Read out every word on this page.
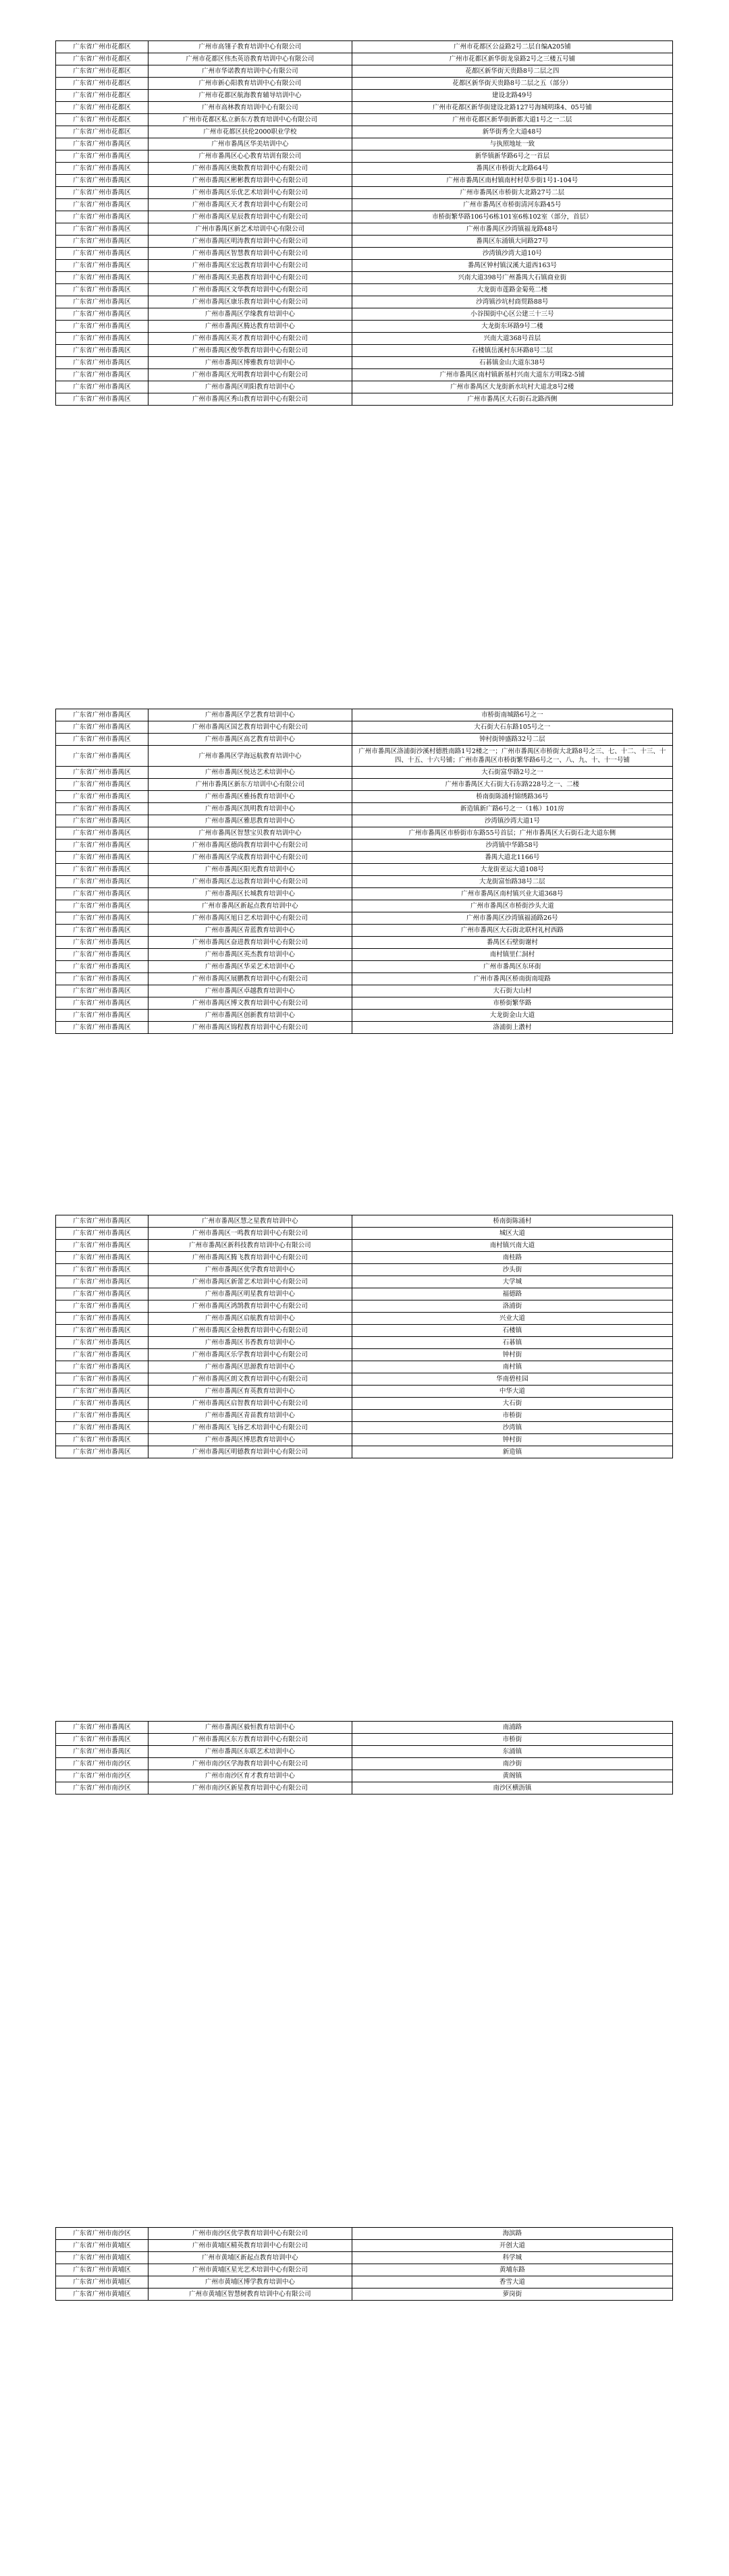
广东省广州市花都区	广州市高翎子教育培训中心有限公司	广州市花都区公益路2号二层自编A205铺
广东省广州市花都区	广州市花都区伟杰英语教育培训中心有限公司	广州市花都区新华街龙泉路2号之三楼五号铺
广东省广州市花都区	广州市华诺教育培训中心有限公司	花都区新华街天贵路8号二层之四
广东省广州市花都区	广州市新心阳教育培训中心有限公司	花都区新华街天贵路8号二层之五（部分）
广东省广州市花都区	广州市花都区航海教育辅导培训中心	建设北路49号
广东省广州市花都区	广州市高林教育培训中心有限公司	广州市花都区新华街建设北路127号海城明珠4、05号铺
广东省广州市花都区	广州市花都区私立新东方教育培训中心有限公司	广州市花都区新华街新都大道1号之一二层
广东省广州市花都区	广州市花都区扶伦2000职业学校	新华街秀全大道48号
广东省广州市番禺区	广州市番禺区华美培训中心	与执照地址一致
广东省广州市番禺区	广州市番禺区心心教育培训有限公司	新华镇新华路6号之一首层
广东省广州市番禺区	广州市番禺区奥数教育培训中心有限公司	番禺区市桥街大北路64号
广东省广州市番禺区	广州市番禺区彬彬教育培训中心有限公司	广州市番禺区南村镇南村村草步街1号1-104号
广东省广州市番禺区	广州市番禺区乐优艺术培训中心有限公司	广州市番禺区市桥街大北路27号二层
广东省广州市番禺区	广州市番禺区天才教育培训中心有限公司	广州市番禺区市桥街清河东路45号
广东省广州市番禺区	广州市番禺区星辰教育培训中心有限公司	市桥街繁华路106号6栋101室6栋102室（部分，首层）
广东省广州市番禺区	广州市番禺区新艺术培训中心有限公司	广州市番禺区沙湾镇福龙路48号
广东省广州市番禺区	广州市番禺区明涛教育培训中心有限公司	番禺区东涌镇大同路27号
广东省广州市番禺区	广州市番禺区智慧教育培训中心有限公司	沙湾镇沙湾大道10号
广东省广州市番禺区	广州市番禺区宏远教育培训中心有限公司	番禺区钟村镇汉溪大道西163号
广东省广州市番禺区	广州市番禺区美惠教育培训中心有限公司	兴南大道398号广州番禺大石镇商业街
广东省广州市番禺区	广州市番禺区文华教育培训中心有限公司	大龙街市莲路金菊苑二楼
广东省广州市番禺区	广州市番禺区康乐教育培训中心有限公司	沙湾镇沙坑村商贸路88号
广东省广州市番禺区	广州市番禺区学缘教育培训中心	小谷围街中心区公建三十三号
广东省广州市番禺区	广州市番禺区腾达教育培训中心	大龙街东环路9号二楼
广东省广州市番禺区	广州市番禺区英才教育培训中心有限公司	兴南大道368号首层
广东省广州市番禺区	广州市番禺区俊华教育培训中心有限公司	石楼镇岳溪村东环路8号二层
广东省广州市番禺区	广州市番禺区博雅教育培训中心	石碁镇金山大道东38号
广东省广州市番禺区	广州市番禺区光明教育培训中心有限公司	广州市番禺区南村镇新基村兴南大道东方明珠2-5铺
广东省广州市番禺区	广州市番禺区明阳教育培训中心	广州市番禺区大龙街新水坑村大道北8号2楼
广东省广州市番禺区	广州市番禺区秀山教育培训中心有限公司	广州市番禺区大石街石北路西侧
广东省广州市番禺区	广州市番禺区学艺教育培训中心	市桥街南城路6号之一
广东省广州市番禺区	广州市番禺区国艺教育培训中心有限公司	大石街大石东路105号之一
广东省广州市番禺区	广州市番禺区高艺教育培训中心	钟村街钟盛路32号二层
广东省广州市番禺区	广州市番禺区学海远航教育培训中心	广州市番禺区洛浦街沙溪村德胜南路1号2楼之一；广州市番禺区市桥街大北路8号之三、七、十二、十三、十四、十五、十六号铺；广州市番禺区市桥街繁华路6号之一、八、九、十、十一号铺
广东省广州市番禺区	广州市番禺区悦达艺术培训中心	大石街富华路2号之一
广东省广州市番禺区	广州市番禺区新东方培训中心有限公司	广州市番禺区大石街大石东路228号之一、二楼
广东省广州市番禺区	广州市番禺区雅扬教育培训中心	桥南街陈涌村锦绣路36号
广东省广州市番禺区	广州市番禺区凯明教育培训中心	新造镇新广路6号之一（1栋）101房
广东省广州市番禺区	广州市番禺区雅思教育培训中心	沙湾镇沙湾大道1号
广东省广州市番禺区	广州市番禺区智慧宝贝教育培训中心	广州市番禺区市桥街市东路55号首层；广州市番禺区大石街石北大道东侧
广东省广州市番禺区	广州市番禺区德尚教育培训中心有限公司	沙湾镇中华路58号
广东省广州市番禺区	广州市番禺区学成教育培训中心有限公司	番禺大道北1166号
广东省广州市番禺区	广州市番禺区阳光教育培训中心	大龙街亚运大道108号
广东省广州市番禺区	广州市番禺区志远教育培训中心有限公司	大龙街富怡路38号二层
广东省广州市番禺区	广州市番禺区长城教育培训中心	广州市番禺区南村镇兴业大道368号
广东省广州市番禺区	广州市番禺区新起点教育培训中心	广州市番禺区市桥街沙头大道
广东省广州市番禺区	广州市番禺区旭日艺术培训中心有限公司	广州市番禺区沙湾镇福涌路26号
广东省广州市番禺区	广州市番禺区青蓝教育培训中心	广州市番禺区大石街北联村礼村西路
广东省广州市番禺区	广州市番禺区奋进教育培训中心有限公司	番禺区石壁街谢村
广东省广州市番禺区	广州市番禺区英杰教育培训中心	南村镇里仁洞村
广东省广州市番禺区	广州市番禺区华采艺术培训中心	广州市番禺区东环街
广东省广州市番禺区	广州市番禺区展鹏教育培训中心有限公司	广州市番禺区桥南街南堤路
广东省广州市番禺区	广州市番禺区卓越教育培训中心	大石街大山村
广东省广州市番禺区	广州市番禺区博文教育培训中心有限公司	市桥街繁华路
广东省广州市番禺区	广州市番禺区创新教育培训中心	大龙街金山大道
广东省广州市番禺区	广州市番禺区锦程教育培训中心有限公司	洛浦街上漖村
广东省广州市番禺区	广州市番禺区慧之星教育培训中心	桥南街陈涌村
广东省广州市番禺区	广州市番禺区一鸣教育培训中心有限公司	城区大道
广东省广州市番禺区	广州市番禺区新科技教育培训中心有限公司	南村镇兴南大道
广东省广州市番禺区	广州市番禺区腾飞教育培训中心有限公司	南桂路
广东省广州市番禺区	广州市番禺区优学教育培训中心	沙头街
广东省广州市番禺区	广州市番禺区新蕾艺术培训中心有限公司	大学城
广东省广州市番禺区	广州市番禺区明星教育培训中心	福德路
广东省广州市番禺区	广州市番禺区鸿鹄教育培训中心有限公司	洛浦街
广东省广州市番禺区	广州市番禺区启航教育培训中心	兴业大道
广东省广州市番禺区	广州市番禺区金榜教育培训中心有限公司	石楼镇
广东省广州市番禺区	广州市番禺区书香教育培训中心	石碁镇
广东省广州市番禺区	广州市番禺区乐学教育培训中心有限公司	钟村街
广东省广州市番禺区	广州市番禺区思源教育培训中心	南村镇
广东省广州市番禺区	广州市番禺区朗文教育培训中心有限公司	华南碧桂园
广东省广州市番禺区	广州市番禺区育英教育培训中心	中华大道
广东省广州市番禺区	广州市番禺区启智教育培训中心有限公司	大石街
广东省广州市番禺区	广州市番禺区青苗教育培训中心	市桥街
广东省广州市番禺区	广州市番禺区飞扬艺术培训中心有限公司	沙湾镇
广东省广州市番禺区	广州市番禺区博思教育培训中心	钟村街
广东省广州市番禺区	广州市番禺区明德教育培训中心有限公司	新造镇
广东省广州市番禺区	广州市番禺区毅恒教育培训中心	南浦路
广东省广州市番禺区	广州市番禺区东方教育培训中心有限公司	市桥街
广东省广州市番禺区	广州市番禺区东联艺术培训中心	东涌镇
广东省广州市南沙区	广州市南沙区学海教育培训中心有限公司	南沙街
广东省广州市南沙区	广州市南沙区育才教育培训中心	黄阁镇
广东省广州市南沙区	广州市南沙区新星教育培训中心有限公司	南沙区横沥镇
广东省广州市南沙区	广州市南沙区优学教育培训中心有限公司	海滨路
广东省广州市黄埔区	广州市黄埔区精英教育培训中心有限公司	开创大道
广东省广州市黄埔区	广州市黄埔区新起点教育培训中心	科学城
广东省广州市黄埔区	广州市黄埔区星光艺术培训中心有限公司	黄埔东路
广东省广州市黄埔区	广州市黄埔区博学教育培训中心	香雪大道
广东省广州市黄埔区	广州市黄埔区智慧树教育培训中心有限公司	萝岗街
